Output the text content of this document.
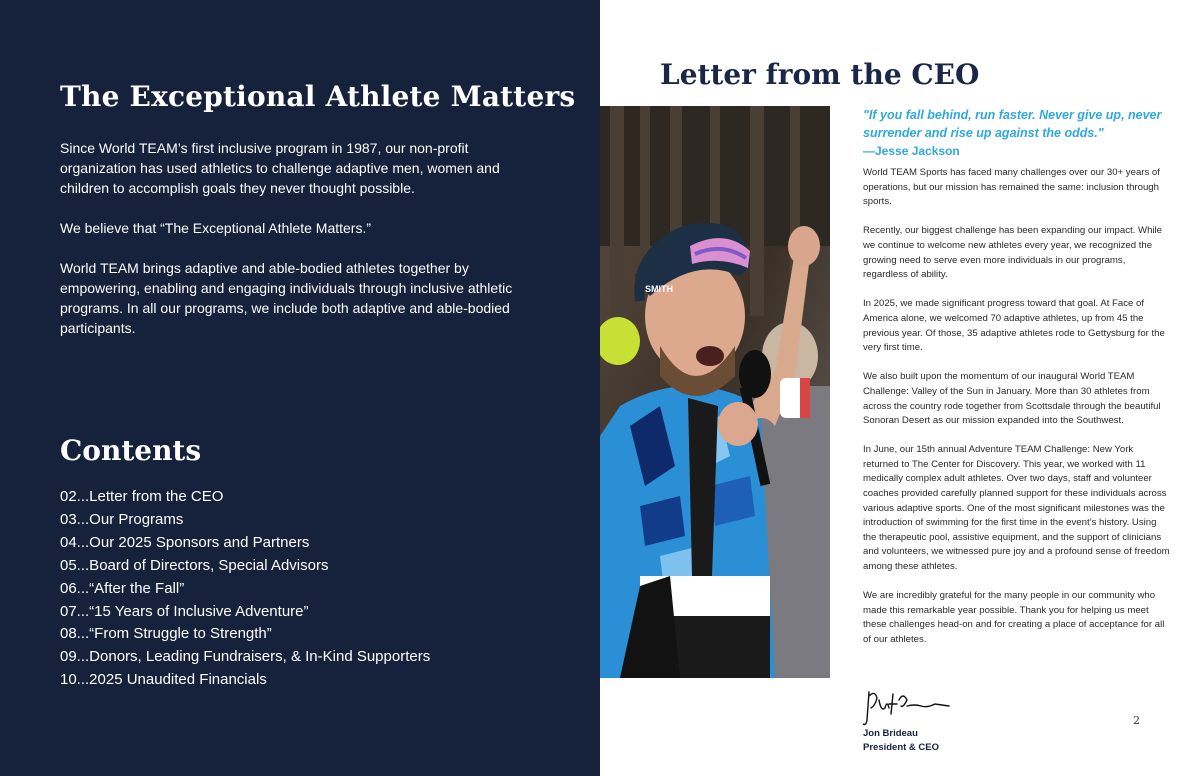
The Exceptional Athlete Matters

Since World TEAM’s first inclusive program in 1987, our non-profit organization has used athletics to challenge adaptive men, women and children to accomplish goals they never thought possible.

We believe that “The Exceptional Athlete Matters.”

World TEAM brings adaptive and able-bodied athletes together by empowering, enabling and engaging individuals through inclusive athletic programs. In all our programs, we include both adaptive and able-bodied participants.

Contents
02...Letter from the CEO
03...Our Programs
04...Our 2025 Sponsors and Partners
05...Board of Directors, Special Advisors
06...“After the Fall”
07...“15 Years of Inclusive Adventure”
08...“From Struggle to Strength”
09...Donors, Leading Fundraisers, & In-Kind Supporters
10...2025 Unaudited Financials
Letter from the CEO
SMITH

"If you fall behind, run faster. Never give up, never surrender and rise up against the odds."

—Jesse Jackson

World TEAM Sports has faced many challenges over our 30+ years of operations, but our mission has remained the same: inclusion through sports.

Recently, our biggest challenge has been expanding our impact. While we continue to welcome new athletes every year, we recognized the growing need to serve even more individuals in our programs, regardless of ability.

In 2025, we made significant progress toward that goal. At Face of America alone, we welcomed 70 adaptive athletes, up from 45 the previous year. Of those, 35 adaptive athletes rode to Gettysburg for the very first time.

We also built upon the momentum of our inaugural World TEAM Challenge: Valley of the Sun in January. More than 30 athletes from across the country rode together from Scottsdale through the beautiful Sonoran Desert as our mission expanded into the Southwest.

In June, our 15th annual Adventure TEAM Challenge: New York returned to The Center for Discovery. This year, we worked with 11 medically complex adult athletes. Over two days, staff and volunteer coaches provided carefully planned support for these individuals across various adaptive sports. One of the most significant milestones was the introduction of swimming for the first time in the event’s history. Using the therapeutic pool, assistive equipment, and the support of clinicians and volunteers, we witnessed pure joy and a profound sense of freedom among these athletes.

We are incredibly grateful for the many people in our community who made this remarkable year possible. Thank you for helping us meet these challenges head-on and for creating a place of acceptance for all of our athletes.

Jon Brideau
President & CEO
2
